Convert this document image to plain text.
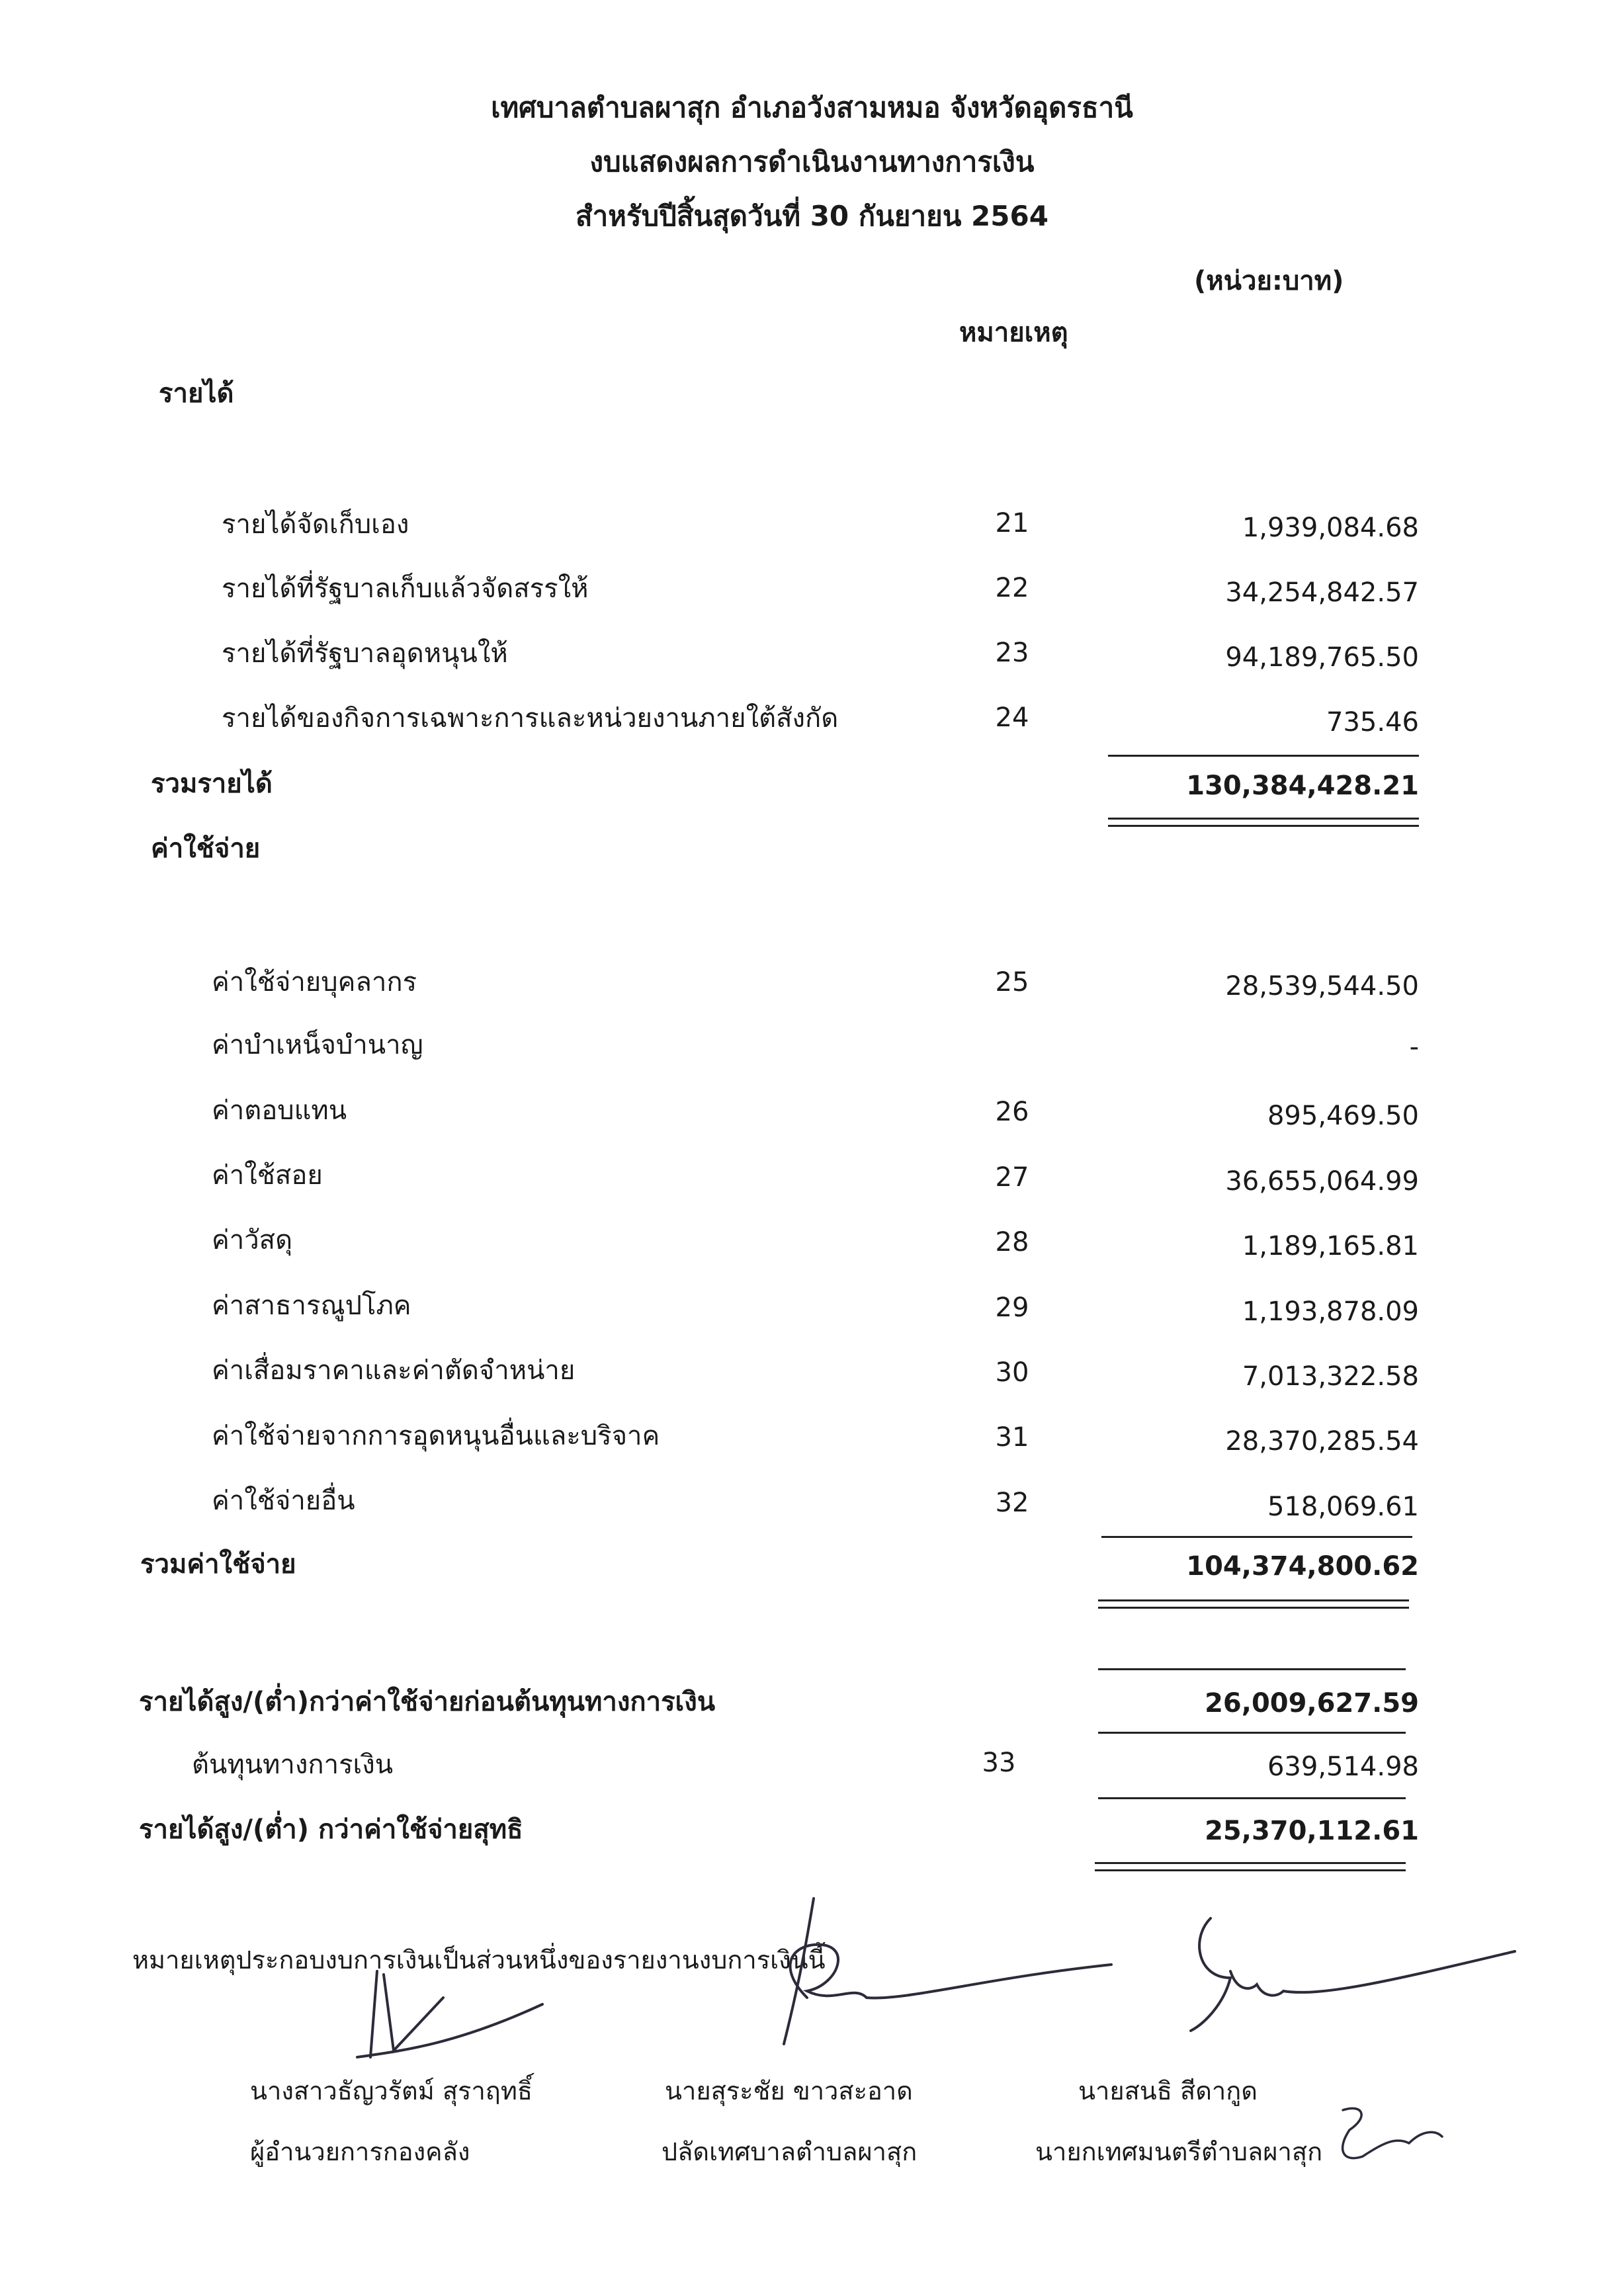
เทศบาลตำบลผาสุก อำเภอวังสามหมอ จังหวัดอุดรธานี
งบแสดงผลการดำเนินงานทางการเงิน
สำหรับปีสิ้นสุดวันที่ 30 กันยายน 2564
(หน่วย:บาท)
หมายเหตุ
รายได้
รายได้จัดเก็บเอง	21	1,939,084.68
รายได้ที่รัฐบาลเก็บแล้วจัดสรรให้	22	34,254,842.57
รายได้ที่รัฐบาลอุดหนุนให้	23	94,189,765.50
รายได้ของกิจการเฉพาะการและหน่วยงานภายใต้สังกัด	24	735.46
รวมรายได้	130,384,428.21
ค่าใช้จ่าย
ค่าใช้จ่ายบุคลากร	25	28,539,544.50
ค่าบำเหน็จบำนาญ	-
ค่าตอบแทน	26	895,469.50
ค่าใช้สอย	27	36,655,064.99
ค่าวัสดุ	28	1,189,165.81
ค่าสาธารณูปโภค	29	1,193,878.09
ค่าเสื่อมราคาและค่าตัดจำหน่าย	30	7,013,322.58
ค่าใช้จ่ายจากการอุดหนุนอื่นและบริจาค	31	28,370,285.54
ค่าใช้จ่ายอื่น	32	518,069.61
รวมค่าใช้จ่าย	104,374,800.62
รายได้สูง/(ต่ำ)กว่าค่าใช้จ่ายก่อนต้นทุนทางการเงิน	26,009,627.59
ต้นทุนทางการเงิน	33	639,514.98
รายได้สูง/(ต่ำ) กว่าค่าใช้จ่ายสุทธิ	25,370,112.61
หมายเหตุประกอบงบการเงินเป็นส่วนหนึ่งของรายงานงบการเงินนี้
นางสาวธัญวรัตม์ สุราฤทธิ์
ผู้อำนวยการกองคลัง
นายสุระชัย ขาวสะอาด
ปลัดเทศบาลตำบลผาสุก
นายสนธิ สีดากูด
นายกเทศมนตรีตำบลผาสุก
